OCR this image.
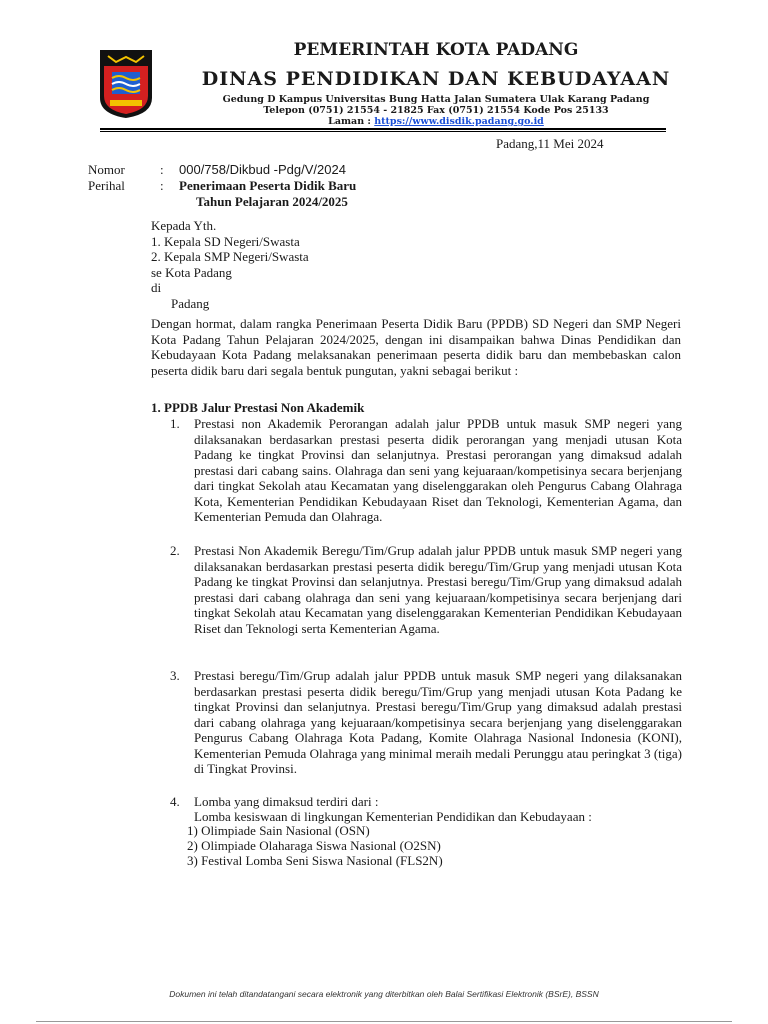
PEMERINTAH KOTA PADANG
DINAS PENDIDIKAN DAN KEBUDAYAAN
Gedung D Kampus Universitas Bung Hatta Jalan Sumatera Ulak Karang Padang
Telepon (0751) 21554 - 21825 Fax (0751) 21554 Kode Pos 25133
Laman : https://www.disdik.padang.go.id
Padang,11 Mei 2024
Nomor	: 000/758/Dikbud -Pdg/V/2024
Perihal	: Penerimaan Peserta Didik Baru
Tahun Pelajaran 2024/2025
Kepada Yth.
1. Kepala SD Negeri/Swasta
2. Kepala SMP Negeri/Swasta
se Kota Padang
di
Padang
Dengan hormat, dalam rangka Penerimaan Peserta Didik Baru (PPDB) SD Negeri dan SMP Negeri Kota Padang Tahun Pelajaran 2024/2025, dengan ini disampaikan bahwa Dinas Pendidikan dan Kebudayaan Kota Padang melaksanakan penerimaan peserta didik baru dan membebaskan calon peserta didik baru dari segala bentuk pungutan, yakni sebagai berikut :
1. PPDB Jalur Prestasi Non Akademik
1. Prestasi non Akademik Perorangan adalah jalur PPDB untuk masuk SMP negeri yang dilaksanakan berdasarkan prestasi peserta didik perorangan yang menjadi utusan Kota Padang ke tingkat Provinsi dan selanjutnya. Prestasi perorangan yang dimaksud adalah prestasi dari cabang sains. Olahraga dan seni yang kejuaraan/kompetisinya secara berjenjang dari tingkat Sekolah atau Kecamatan yang diselenggarakan oleh Pengurus Cabang Olahraga Kota, Kementerian Pendidikan Kebudayaan Riset dan Teknologi, Kementerian Agama, dan Kementerian Pemuda dan Olahraga.
2. Prestasi Non Akademik Beregu/Tim/Grup adalah jalur PPDB untuk masuk SMP negeri yang dilaksanakan berdasarkan prestasi peserta didik beregu/Tim/Grup yang menjadi utusan Kota Padang ke tingkat Provinsi dan selanjutnya. Prestasi beregu/Tim/Grup yang dimaksud adalah prestasi dari cabang olahraga dan seni yang kejuaraan/kompetisinya secara berjenjang dari tingkat Sekolah atau Kecamatan yang diselenggarakan Kementerian Pendidikan Kebudayaan Riset dan Teknologi serta Kementerian Agama.
3. Prestasi beregu/Tim/Grup adalah jalur PPDB untuk masuk SMP negeri yang dilaksanakan berdasarkan prestasi peserta didik beregu/Tim/Grup yang menjadi utusan Kota Padang ke tingkat Provinsi dan selanjutnya. Prestasi beregu/Tim/Grup yang dimaksud adalah prestasi dari cabang olahraga yang kejuaraan/kompetisinya secara berjenjang yang diselenggarakan Pengurus Cabang Olahraga Kota Padang, Komite Olahraga Nasional Indonesia (KONI), Kementerian Pemuda Olahraga yang minimal meraih medali Perunggu atau peringkat 3 (tiga) di Tingkat Provinsi.
4. Lomba yang dimaksud terdiri dari :
Lomba kesiswaan di lingkungan Kementerian Pendidikan dan Kebudayaan :
1) Olimpiade Sain Nasional (OSN)
2) Olimpiade Olaharaga Siswa Nasional (O2SN)
3) Festival Lomba Seni Siswa Nasional (FLS2N)
Dokumen ini telah ditandatangani secara elektronik yang diterbitkan oleh Balai Sertifikasi Elektronik (BSrE), BSSN
